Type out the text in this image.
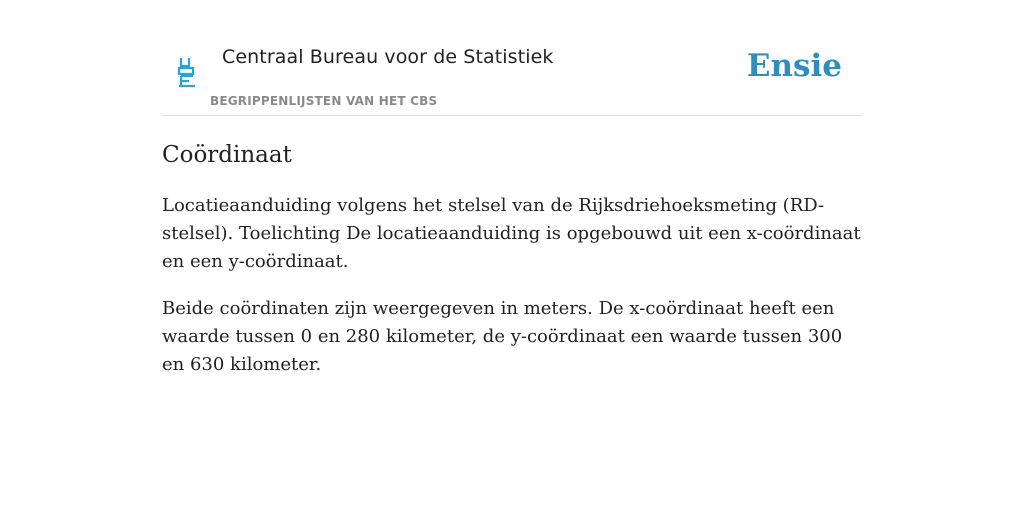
Centraal Bureau voor de Statistiek
BEGRIPPENLIJSTEN VAN HET CBS
Ensie
Coördinaat

Locatieaanduiding volgens het stelsel van de Rijksdriehoeksmeting (RD-stelsel). Toelichting De locatieaanduiding is opgebouwd uit een x-coördinaat en een y-coördinaat.

Beide coördinaten zijn weergegeven in meters. De x-coördinaat heeft een waarde tussen 0 en 280 kilometer, de y-coördinaat een waarde tussen 300 en 630 kilometer.
